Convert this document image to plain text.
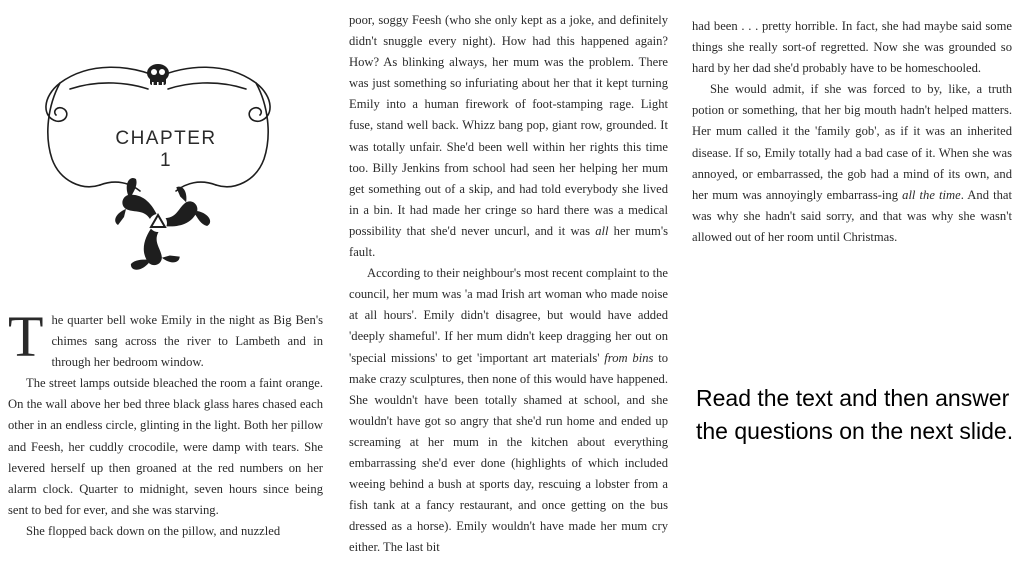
CHAPTER 1

The quarter bell woke Emily in the night as Big Ben's chimes sang across the river to Lambeth and in through her bedroom window.

The street lamps outside bleached the room a faint orange. On the wall above her bed three black glass hares chased each other in an endless circle, glinting in the light. Both her pillow and Feesh, her cuddly crocodile, were damp with tears. She levered herself up then groaned at the red numbers on her alarm clock. Quarter to midnight, seven hours since being sent to bed for ever, and she was starving.

She flopped back down on the pillow, and nuzzled

poor, soggy Feesh (who she only kept as a joke, and definitely didn't snuggle every night). How had this happened again? How? As blinking always, her mum was the problem. There was just something so infuriating about her that it kept turning Emily into a human firework of foot-stamping rage. Light fuse, stand well back. Whizz bang pop, giant row, grounded. It was totally unfair. She'd been well within her rights this time too. Billy Jenkins from school had seen her helping her mum get something out of a skip, and had told everybody she lived in a bin. It had made her cringe so hard there was a medical possibility that she'd never uncurl, and it was all her mum's fault.

According to their neighbour's most recent complaint to the council, her mum was 'a mad Irish art woman who made noise at all hours'. Emily didn't disagree, but would have added 'deeply shameful'. If her mum didn't keep dragging her out on 'special missions' to get 'important art materials' from bins to make crazy sculptures, then none of this would have happened. She wouldn't have been totally shamed at school, and she wouldn't have got so angry that she'd run home and ended up screaming at her mum in the kitchen about everything embarrassing she'd ever done (highlights of which included weeing behind a bush at sports day, rescuing a lobster from a fish tank at a fancy restaurant, and once getting on the bus dressed as a horse). Emily wouldn't have made her mum cry either. The last bit

had been . . . pretty horrible. In fact, she had maybe said some things she really sort-of regretted. Now she was grounded so hard by her dad she'd probably have to be homeschooled.

She would admit, if she was forced to by, like, a truth potion or something, that her big mouth hadn't helped matters. Her mum called it the 'family gob', as if it was an inherited disease. If so, Emily totally had a bad case of it. When she was annoyed, or embarrassed, the gob had a mind of its own, and her mum was annoyingly embarrass-ing all the time. And that was why she hadn't said sorry, and that was why she wasn't allowed out of her room until Christmas.

Read the text and then answer the questions on the next slide.
